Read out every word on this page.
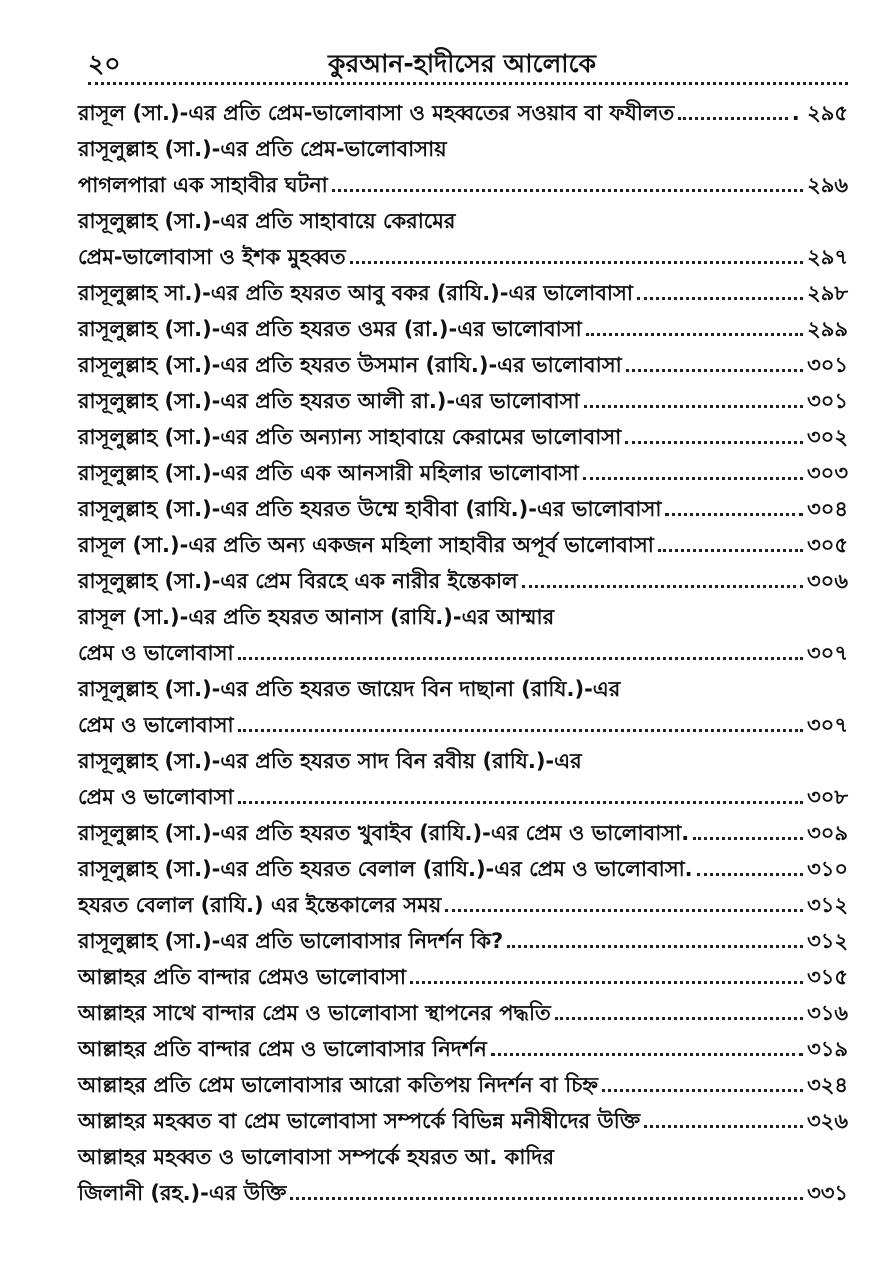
২০	কুরআন-হাদীসের আলোকে
রাসূল (সা.)-এর প্রতি প্রেম-ভালোবাসা ও মহব্বতের সওয়াব বা ফযীলত	. ২৯৫
রাসূলুল্লাহ (সা.)-এর প্রতি প্রেম-ভালোবাসায়
পাগলপারা এক সাহাবীর ঘটনা	২৯৬
রাসূলুল্লাহ (সা.)-এর প্রতি সাহাবায়ে কেরামের
প্রেম-ভালোবাসা ও ইশক মুহব্বত	২৯৭
রাসূলুল্লাহ সা.)-এর প্রতি হযরত আবু বকর (রাযি.)-এর ভালোবাসা	২৯৮
রাসূলুল্লাহ (সা.)-এর প্রতি হযরত ওমর (রা.)-এর ভালোবাসা	২৯৯
রাসূলুল্লাহ (সা.)-এর প্রতি হযরত উসমান (রাযি.)-এর ভালোবাসা	৩০১
রাসূলুল্লাহ (সা.)-এর প্রতি হযরত আলী রা.)-এর ভালোবাসা	৩০১
রাসূলুল্লাহ (সা.)-এর প্রতি অন্যান্য সাহাবায়ে কেরামের ভালোবাসা	৩০২
রাসূলুল্লাহ (সা.)-এর প্রতি এক আনসারী মহিলার ভালোবাসা	৩০৩
রাসূলুল্লাহ (সা.)-এর প্রতি হযরত উম্মে হাবীবা (রাযি.)-এর ভালোবাসা	৩০৪
রাসূল (সা.)-এর প্রতি অন্য একজন মহিলা সাহাবীর অপূর্ব ভালোবাসা	৩০৫
রাসূলুল্লাহ (সা.)-এর প্রেম বিরহে এক নারীর ইন্তেকাল	৩০৬
রাসূল (সা.)-এর প্রতি হযরত আনাস (রাযি.)-এর আম্মার
প্রেম ও ভালোবাসা	৩০৭
রাসূলুল্লাহ (সা.)-এর প্রতি হযরত জায়েদ বিন দাছানা (রাযি.)-এর
প্রেম ও ভালোবাসা	৩০৭
রাসূলুল্লাহ (সা.)-এর প্রতি হযরত সাদ বিন রবীয় (রাযি.)-এর
প্রেম ও ভালোবাসা	৩০৮
রাসূলুল্লাহ (সা.)-এর প্রতি হযরত খুবাইব (রাযি.)-এর প্রেম ও ভালোবাসা.	৩০৯
রাসূলুল্লাহ (সা.)-এর প্রতি হযরত বেলাল (রাযি.)-এর প্রেম ও ভালোবাসা.	৩১০
হযরত বেলাল (রাযি.) এর ইন্তেকালের সময়	৩১২
রাসূলুল্লাহ (সা.)-এর প্রতি ভালোবাসার নিদর্শন কি?	৩১২
আল্লাহর প্রতি বান্দার প্রেমও ভালোবাসা	৩১৫
আল্লাহর সাথে বান্দার প্রেম ও ভালোবাসা স্থাপনের পদ্ধতি	৩১৬
আল্লাহর প্রতি বান্দার প্রেম ও ভালোবাসার নিদর্শন	৩১৯
আল্লাহর প্রতি প্রেম ভালোবাসার আরো কতিপয় নিদর্শন বা চিহ্ন	৩২৪
আল্লাহর মহব্বত বা প্রেম ভালোবাসা সম্পর্কে বিভিন্ন মনীষীদের উক্তি	৩২৬
আল্লাহর মহব্বত ও ভালোবাসা সম্পর্কে হযরত আ. কাদির
জিলানী (রহ.)-এর উক্তি	৩৩১
